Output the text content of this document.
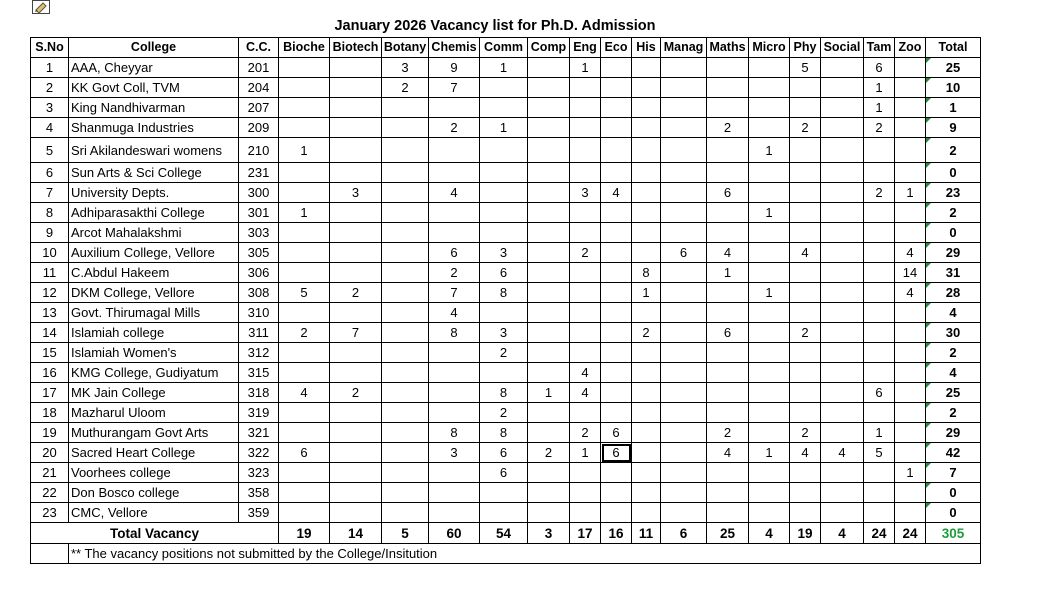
January 2026 Vacancy list for Ph.D. Admission
S.No	College	C.C.	Bioche	Biotech	Botany	Chemis	Comm	Comp	Eng	Eco	His	Manag	Maths	Micro	Phy	Social	Tam	Zoo	Total
1	AAA, Cheyyar	201			3	9	1		1						5		6		25
2	KK Govt Coll, TVM	204			2	7											1		10
3	King Nandhivarman	207															1		1
4	Shanmuga Industries	209				2	1						2		2		2		9
5	Sri Akilandeswari womens	210	1											1					2
6	Sun Arts & Sci College	231																	0
7	University Depts.	300		3		4			3	4			6				2	1	23
8	Adhiparasakthi College	301	1											1					2
9	Arcot Mahalakshmi	303																	0
10	Auxilium College, Vellore	305				6	3		2			6	4		4			4	29
11	C.Abdul Hakeem	306				2	6				8		1					14	31
12	DKM College, Vellore	308	5	2		7	8				1			1				4	28
13	Govt. Thirumagal Mills	310				4													4
14	Islamiah college	311	2	7		8	3				2		6		2				30
15	Islamiah Women's	312					2												2
16	KMG College, Gudiyatum	315							4										4
17	MK Jain College	318	4	2			8	1	4								6		25
18	Mazharul Uloom	319					2												2
19	Muthurangam Govt Arts	321				8	8		2	6			2		2		1		29
20	Sacred Heart College	322	6			3	6	2	1	6			4	1	4	4	5		42
21	Voorhees college	323					6											1	7
22	Don Bosco college	358																	0
23	CMC, Vellore	359																	0
Total Vacancy			19	14	5	60	54	3	17	16	11	6	25	4	19	4	24	24	305
	** The vacancy positions not submitted by the College/Insitution																		
